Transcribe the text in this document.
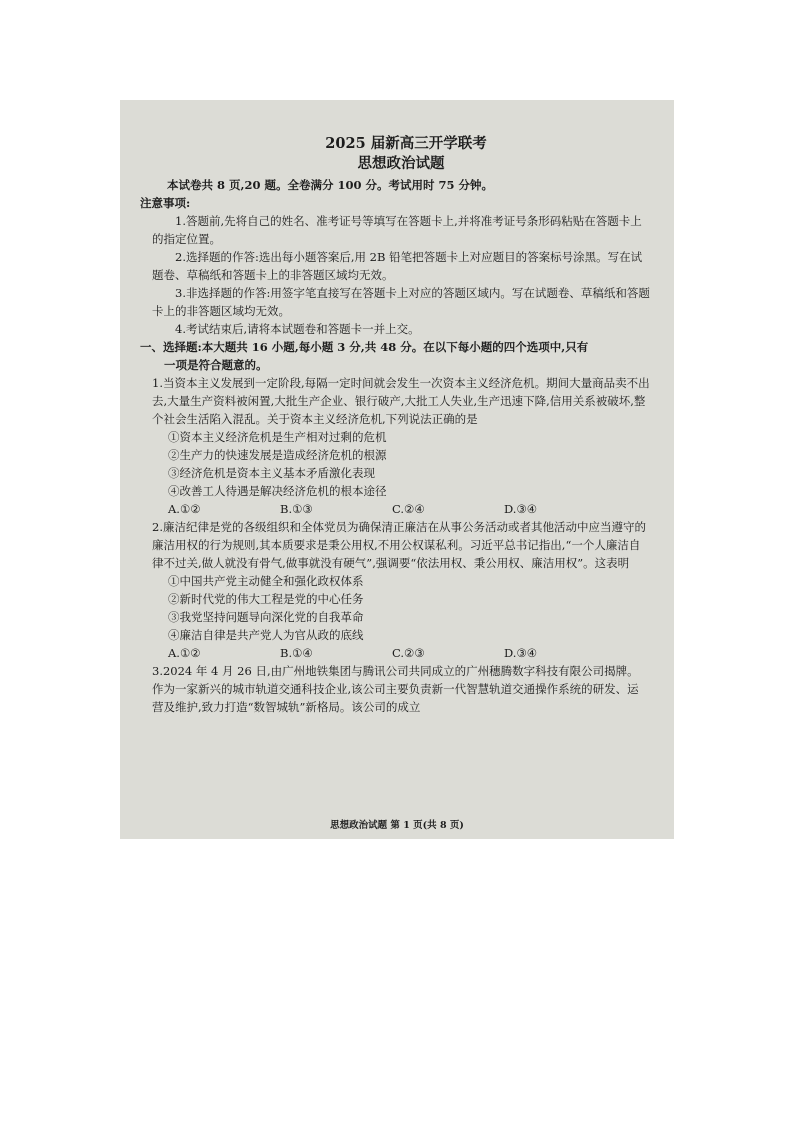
2025 届新高三开学联考
思想政治试题
本试卷共 8 页,20 题。全卷满分 100 分。考试用时 75 分钟。
注意事项:
1.答题前,先将自己的姓名、准考证号等填写在答题卡上,并将准考证号条形码粘贴在答题卡上的指定位置。
2.选择题的作答:选出每小题答案后,用 2B 铅笔把答题卡上对应题目的答案标号涂黑。写在试题卷、草稿纸和答题卡上的非答题区域均无效。
3.非选择题的作答:用签字笔直接写在答题卡上对应的答题区域内。写在试题卷、草稿纸和答题卡上的非答题区域均无效。
4.考试结束后,请将本试题卷和答题卡一并上交。
一、选择题:本大题共 16 小题,每小题 3 分,共 48 分。在以下每小题的四个选项中,只有
一项是符合题意的。
1.当资本主义发展到一定阶段,每隔一定时间就会发生一次资本主义经济危机。期间大量商品卖不出去,大量生产资料被闲置,大批生产企业、银行破产,大批工人失业,生产迅速下降,信用关系被破坏,整个社会生活陷入混乱。关于资本主义经济危机,下列说法正确的是
①资本主义经济危机是生产相对过剩的危机
②生产力的快速发展是造成经济危机的根源
③经济危机是资本主义基本矛盾激化表现
④改善工人待遇是解决经济危机的根本途径
A.①②	B.①③	C.②④	D.③④
2.廉洁纪律是党的各级组织和全体党员为确保清正廉洁在从事公务活动或者其他活动中应当遵守的廉洁用权的行为规则,其本质要求是秉公用权,不用公权谋私利。习近平总书记指出,“一个人廉洁自律不过关,做人就没有骨气,做事就没有硬气”,强调要“依法用权、秉公用权、廉洁用权”。这表明
①中国共产党主动健全和强化政权体系
②新时代党的伟大工程是党的中心任务
③我党坚持问题导向深化党的自我革命
④廉洁自律是共产党人为官从政的底线
A.①②	B.①④	C.②③	D.③④
3.2024 年 4 月 26 日,由广州地铁集团与腾讯公司共同成立的广州穗腾数字科技有限公司揭牌。作为一家新兴的城市轨道交通科技企业,该公司主要负责新一代智慧轨道交通操作系统的研发、运营及维护,致力打造“数智城轨”新格局。该公司的成立
思想政治试题 第 1 页(共 8 页)
